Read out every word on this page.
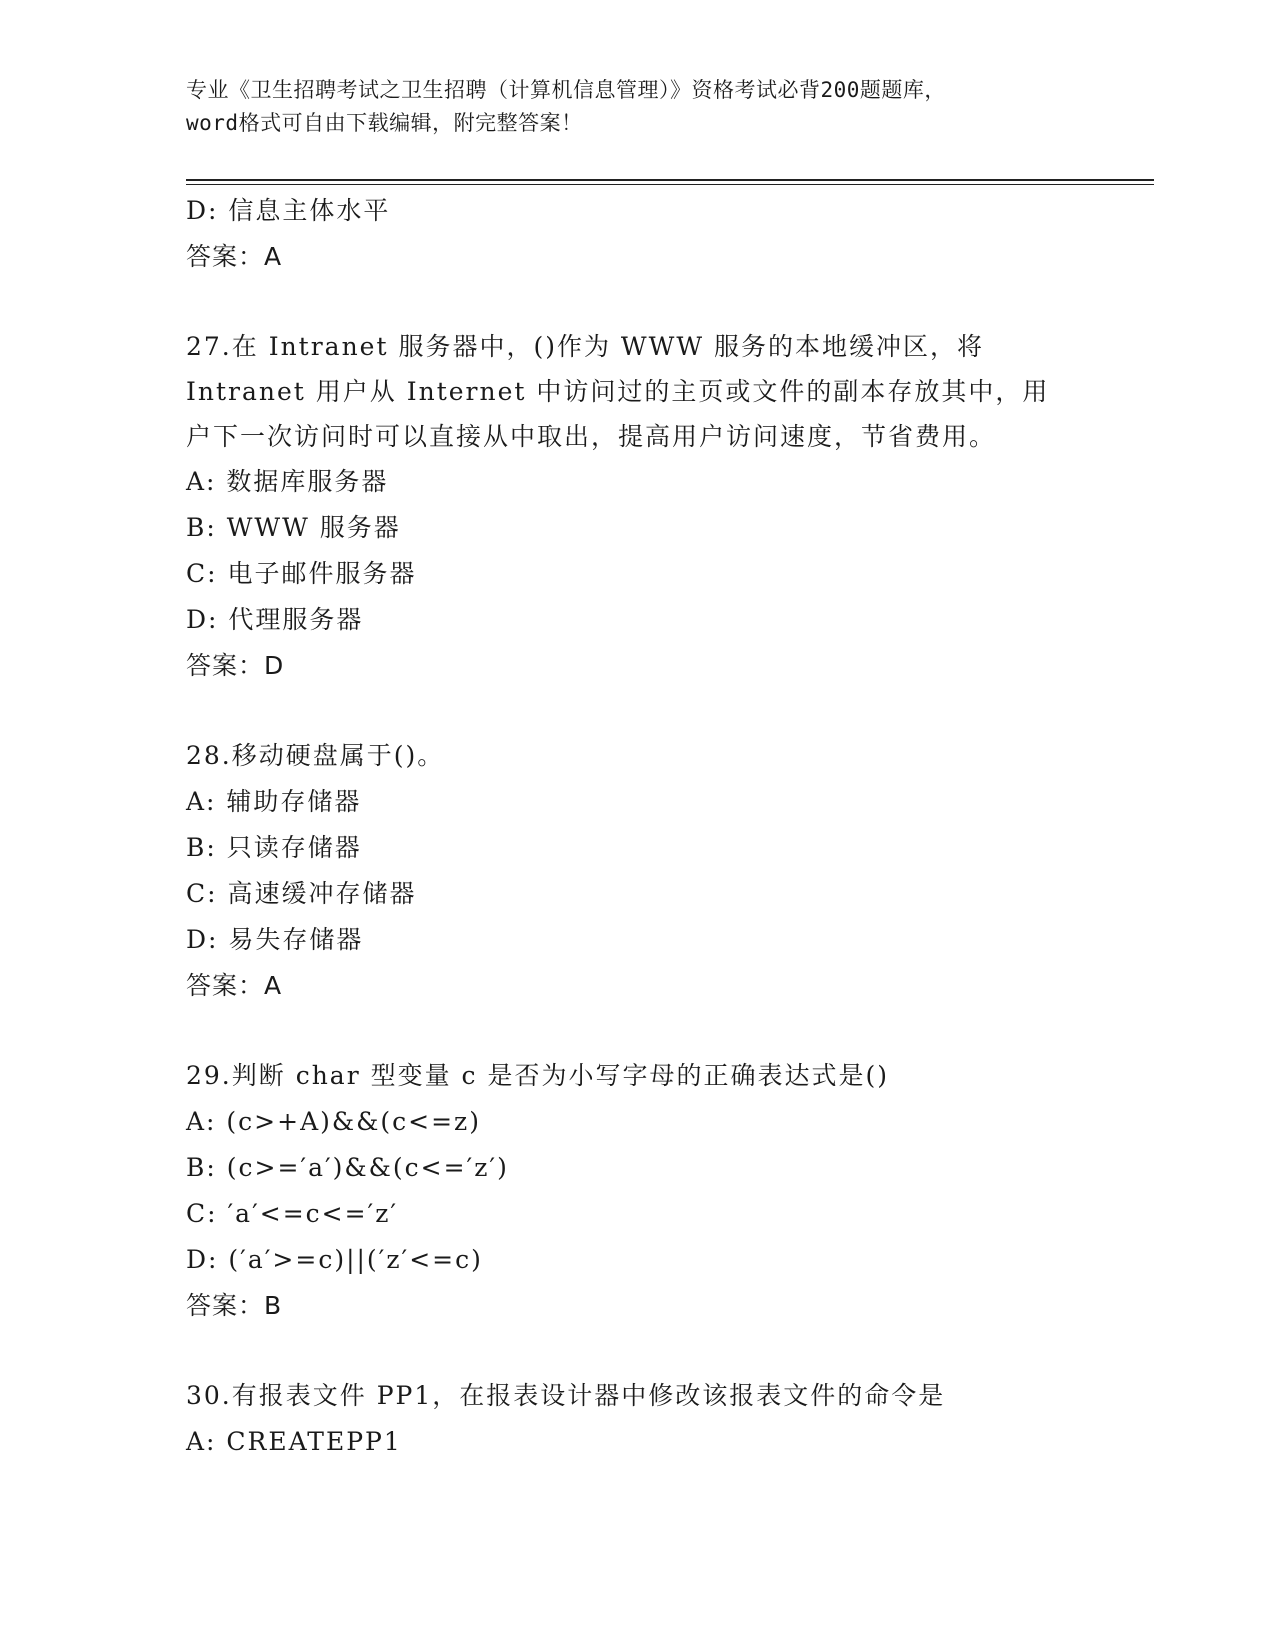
专业《卫生招聘考试之卫生招聘（计算机信息管理）》资格考试必背200题题库，
word格式可自由下载编辑，附完整答案！
D: 信息主体水平
答案：A
27.在 Intranet 服务器中，()作为 WWW 服务的本地缓冲区，将
Intranet 用户从 Internet 中访问过的主页或文件的副本存放其中，用
户下一次访问时可以直接从中取出，提高用户访问速度，节省费用。
A: 数据库服务器
B: WWW 服务器
C: 电子邮件服务器
D: 代理服务器
答案：D
28.移动硬盘属于()。
A: 辅助存储器
B: 只读存储器
C: 高速缓冲存储器
D: 易失存储器
答案：A
29.判断 char 型变量 c 是否为小写字母的正确表达式是()
A: (c>+A)&&(c<=z)
B: (c>=′a′)&&(c<=′z′)
C: ′a′<=c<=′z′
D: (′a′>=c)||(′z′<=c)
答案：B
30.有报表文件 PP1，在报表设计器中修改该报表文件的命令是
A: CREATEPP1
